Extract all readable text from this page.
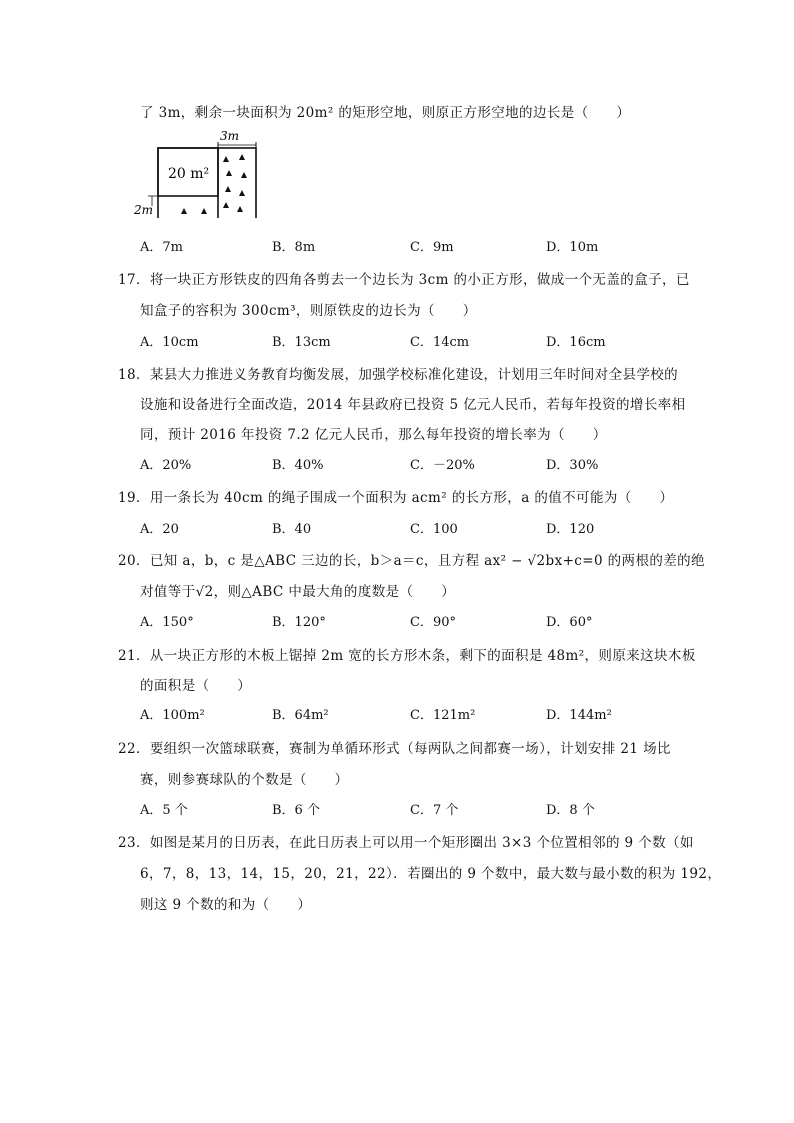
了 3m，剩余一块面积为 20m² 的矩形空地，则原正方形空地的边长是（　　）
3m
20 m²
2m
A．7m	B．8m	C．9m	D．10m
17．将一块正方形铁皮的四角各剪去一个边长为 3cm 的小正方形，做成一个无盖的盒子，已
知盒子的容积为 300cm³，则原铁皮的边长为（　　）
A．10cm	B．13cm	C．14cm	D．16cm
18．某县大力推进义务教育均衡发展，加强学校标准化建设，计划用三年时间对全县学校的
设施和设备进行全面改造，2014 年县政府已投资 5 亿元人民币，若每年投资的增长率相
同，预计 2016 年投资 7.2 亿元人民币，那么每年投资的增长率为（　　）
A．20%	B．40%	C．－20%	D．30%
19．用一条长为 40cm 的绳子围成一个面积为 acm² 的长方形，a 的值不可能为（　　）
A．20	B．40	C．100	D．120
20．已知 a，b，c 是△ABC 三边的长，b＞a＝c，且方程 ax² − √2bx+c=0 的两根的差的绝
对值等于√2，则△ABC 中最大角的度数是（　　）
A．150°	B．120°	C．90°	D．60°
21．从一块正方形的木板上锯掉 2m 宽的长方形木条，剩下的面积是 48m²，则原来这块木板
的面积是（　　）
A．100m²	B．64m²	C．121m²	D．144m²
22．要组织一次篮球联赛，赛制为单循环形式（每两队之间都赛一场），计划安排 21 场比
赛，则参赛球队的个数是（　　）
A．5 个	B．6 个	C．7 个	D．8 个
23．如图是某月的日历表，在此日历表上可以用一个矩形圈出 3×3 个位置相邻的 9 个数（如
6，7，8，13，14，15，20，21，22）．若圈出的 9 个数中，最大数与最小数的积为 192，
则这 9 个数的和为（　　）
